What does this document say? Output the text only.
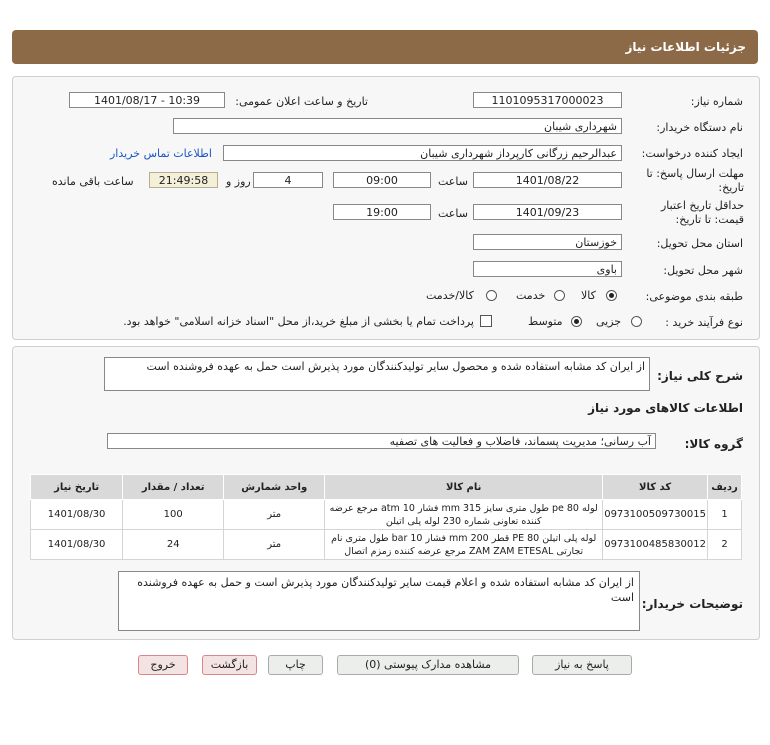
جزئیات اطلاعات نیاز
شماره نیاز:
1101095317000023
تاریخ و ساعت اعلان عمومی:
1401/08/17 - 10:39
نام دستگاه خریدار:
شهرداری شیبان
ایجاد کننده درخواست:
عبدالرحیم زرگانی کارپرداز شهرداری شیبان
اطلاعات تماس خریدار
مهلت ارسال پاسخ: تا تاریخ:
1401/08/22
ساعت
09:00
4
روز و
21:49:58
ساعت باقی مانده
حداقل تاریخ اعتبار قیمت: تا تاریخ:
1401/09/23
ساعت
19:00
استان محل تحویل:
خوزستان
شهر محل تحویل:
باوی
طبقه بندی موضوعی:
کالا
خدمت
کالا/خدمت
نوع فرآیند خرید :
جزیی
متوسط
پرداخت تمام یا بخشی از مبلغ خرید،از محل "اسناد خزانه اسلامی" خواهد بود.
شرح کلی نیاز:
از ایران کد مشابه استفاده شده و محصول سایر تولیدکنندگان مورد پذیرش است حمل به عهده فروشنده است
اطلاعات کالاهای مورد نیاز
گروه کالا:
آب رسانی؛ مدیریت پسماند، فاضلاب و فعالیت های تصفیه
ردیف	کد کالا	نام کالا	واحد شمارش	تعداد / مقدار	تاریخ نیاز
1	0973100509730015	لوله pe 80 طول متری سایز 315 mm فشار 10 atm مرجع عرضه کننده تعاونی شماره 230 لوله پلی اتیلن	متر	100	1401/08/30
2	0973100485830012	لوله پلی اتیلن PE 80 قطر 200 mm فشار 10 bar طول متری نام تجارتی ZAM ZAM ETESAL مرجع عرضه کننده زمزم اتصال	متر	24	1401/08/30
توضیحات خریدار:
از ایران کد مشابه استفاده شده و اعلام قیمت سایر تولیدکنندگان مورد پذیرش است و حمل به عهده فروشنده است
پاسخ به نیاز
مشاهده مدارک پیوستی (0)
چاپ
بازگشت
خروج
